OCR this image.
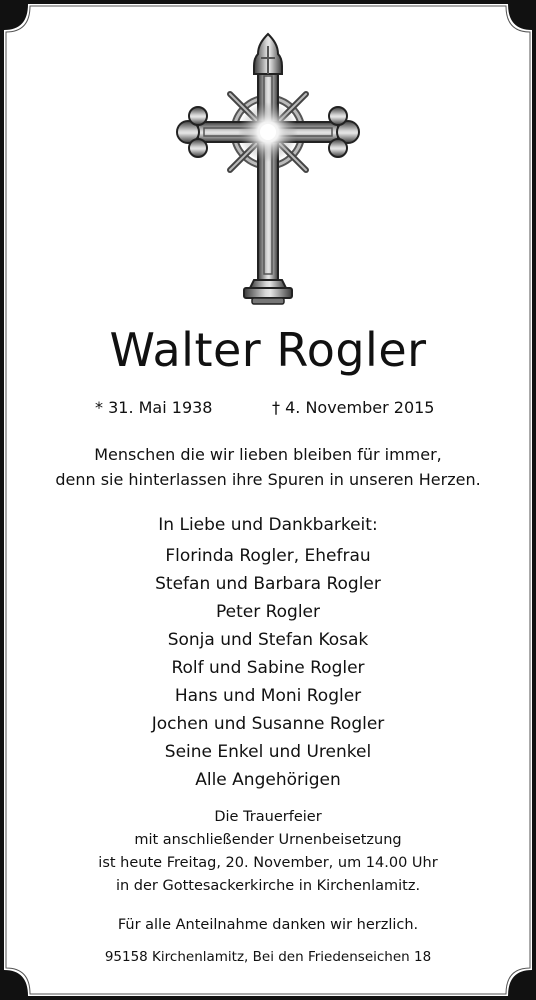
Walter Rogler
* 31. Mai 1938	† 4. November 2015
Menschen die wir lieben bleiben für immer,
denn sie hinterlassen ihre Spuren in unseren Herzen.
In Liebe und Dankbarkeit:
Florinda Rogler, Ehefrau
Stefan und Barbara Rogler
Peter Rogler
Sonja und Stefan Kosak
Rolf und Sabine Rogler
Hans und Moni Rogler
Jochen und Susanne Rogler
Seine Enkel und Urenkel
Alle Angehörigen
Die Trauerfeier
mit anschließender Urnenbeisetzung
ist heute Freitag, 20. November, um 14.00 Uhr
in der Gottesackerkirche in Kirchenlamitz.
Für alle Anteilnahme danken wir herzlich.
95158 Kirchenlamitz, Bei den Friedenseichen 18
